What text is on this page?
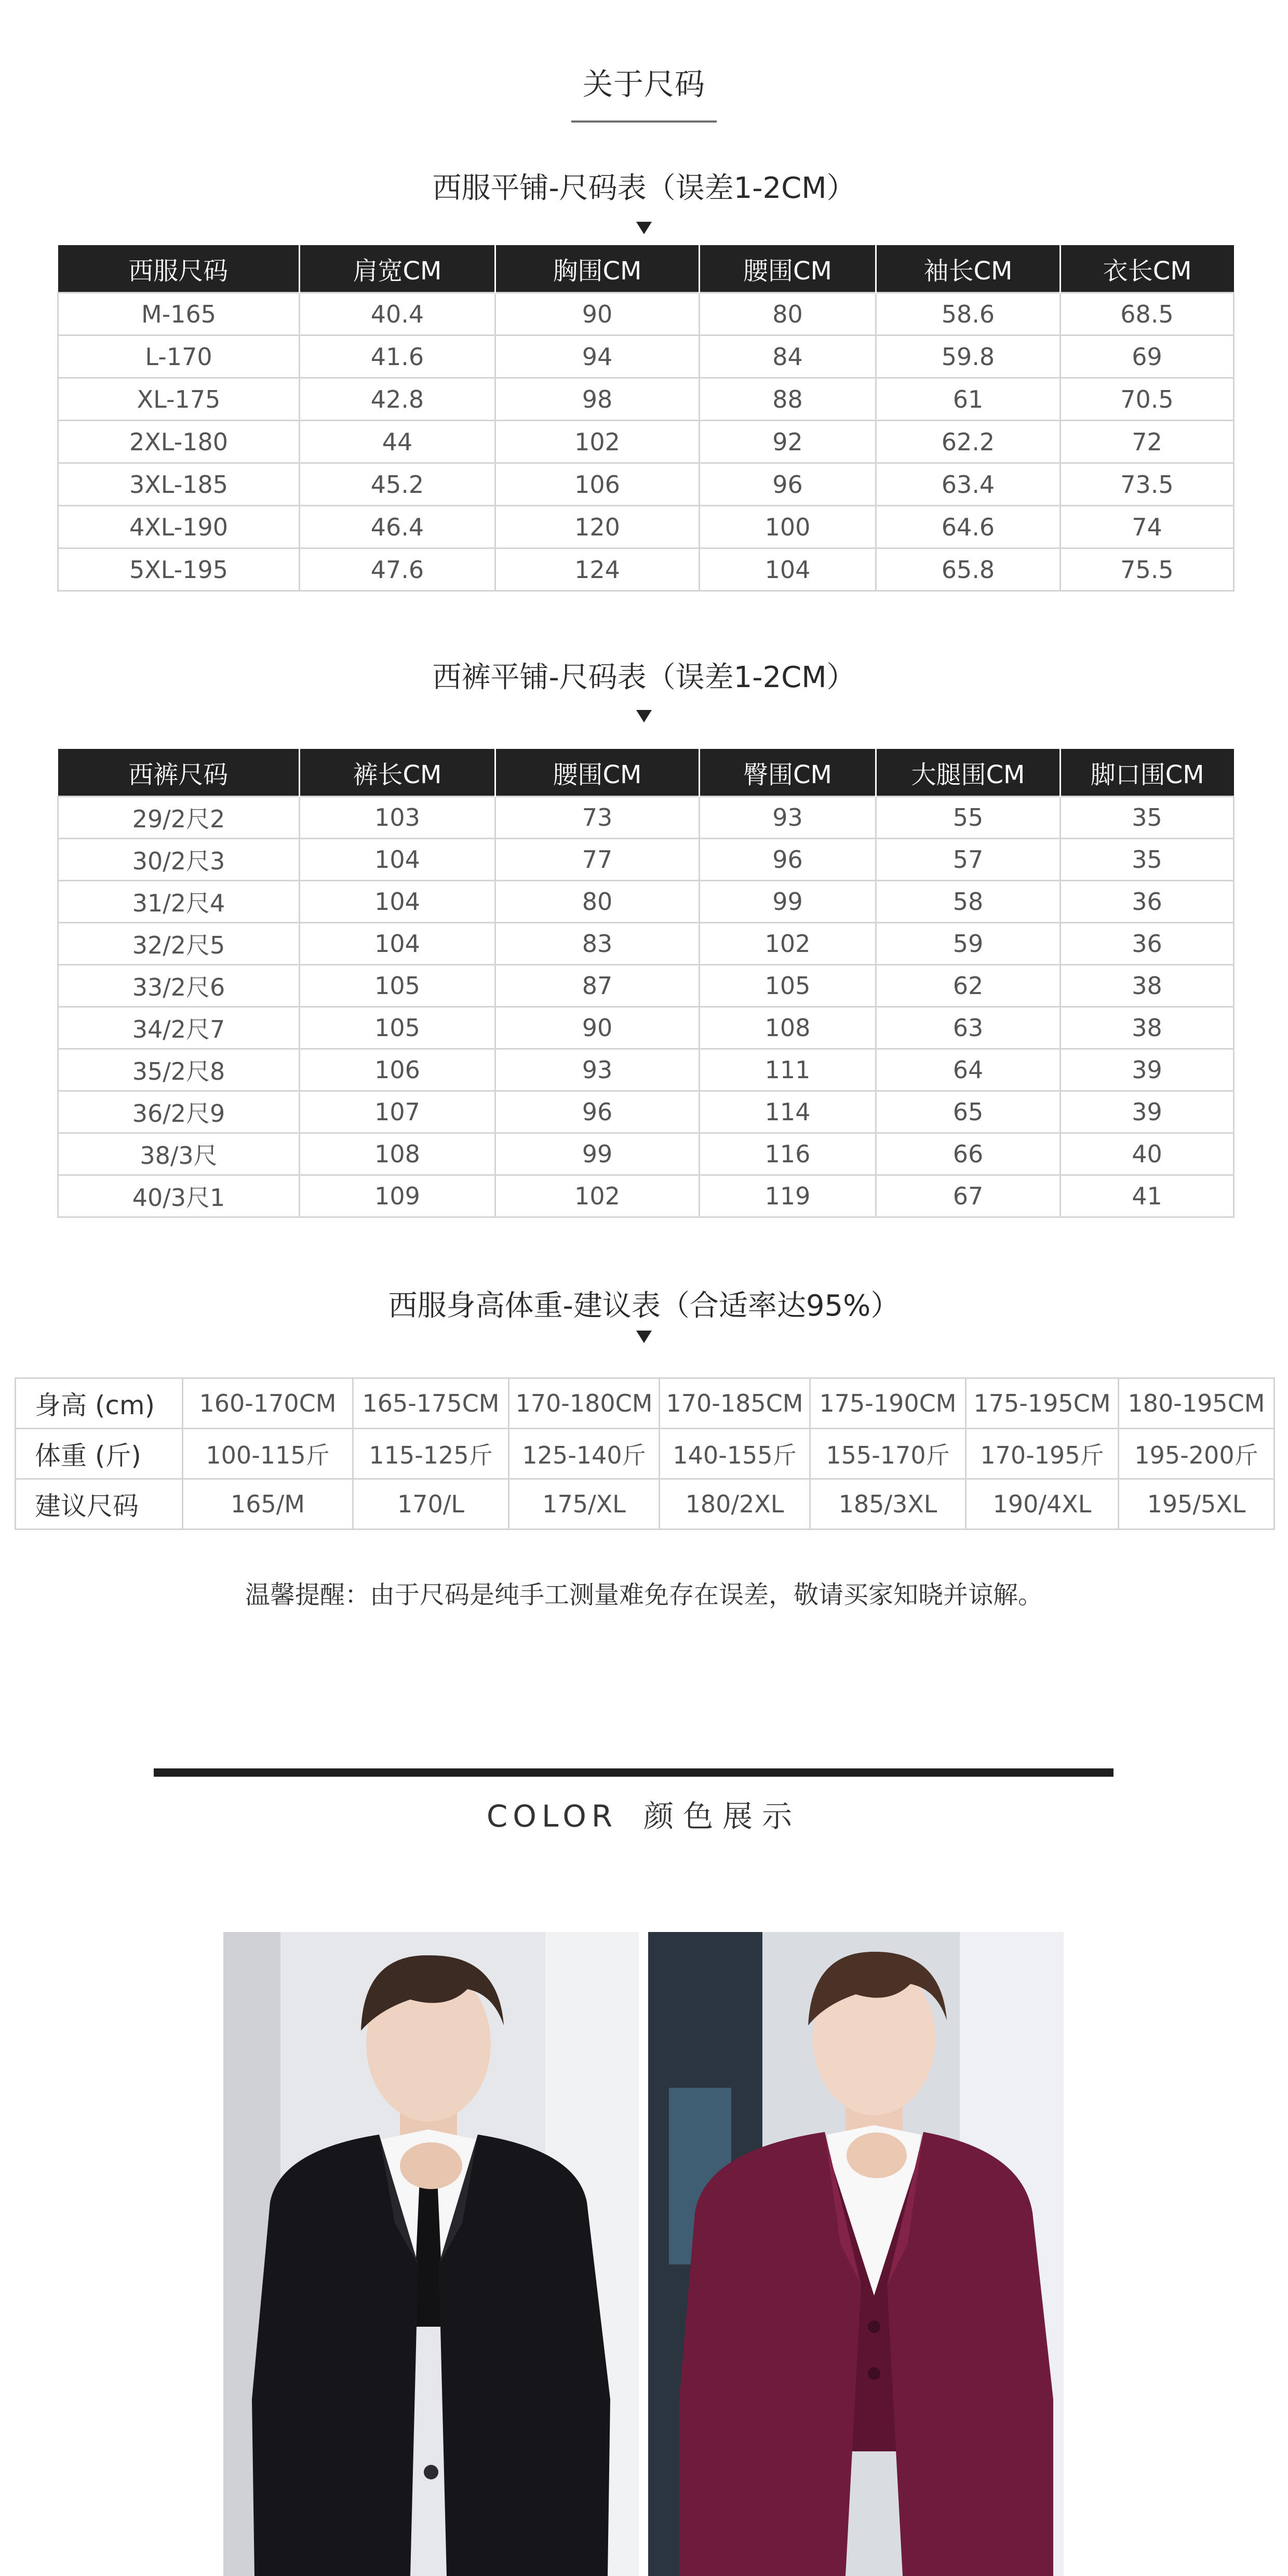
关于尺码
西服平铺-尺码表（误差1-2CM）
西服尺码	肩宽CM	胸围CM	腰围CM	袖长CM	衣长CM
M-165	40.4	90	80	58.6	68.5
L-170	41.6	94	84	59.8	69
XL-175	42.8	98	88	61	70.5
2XL-180	44	102	92	62.2	72
3XL-185	45.2	106	96	63.4	73.5
4XL-190	46.4	120	100	64.6	74
5XL-195	47.6	124	104	65.8	75.5
西裤平铺-尺码表（误差1-2CM）
西裤尺码	裤长CM	腰围CM	臀围CM	大腿围CM	脚口围CM
29/2尺2	103	73	93	55	35
30/2尺3	104	77	96	57	35
31/2尺4	104	80	99	58	36
32/2尺5	104	83	102	59	36
33/2尺6	105	87	105	62	38
34/2尺7	105	90	108	63	38
35/2尺8	106	93	111	64	39
36/2尺9	107	96	114	65	39
38/3尺	108	99	116	66	40
40/3尺1	109	102	119	67	41
西服身高体重-建议表（合适率达95%）
身高 (cm)	160-170CM	165-175CM	170-180CM	170-185CM	175-190CM	175-195CM	180-195CM
体重 (斤)	100-115斤	115-125斤	125-140斤	140-155斤	155-170斤	170-195斤	195-200斤
建议尺码	165/M	170/L	175/XL	180/2XL	185/3XL	190/4XL	195/5XL
温馨提醒：由于尺码是纯手工测量难免存在误差，敬请买家知晓并谅解。
COLOR 颜色展示
